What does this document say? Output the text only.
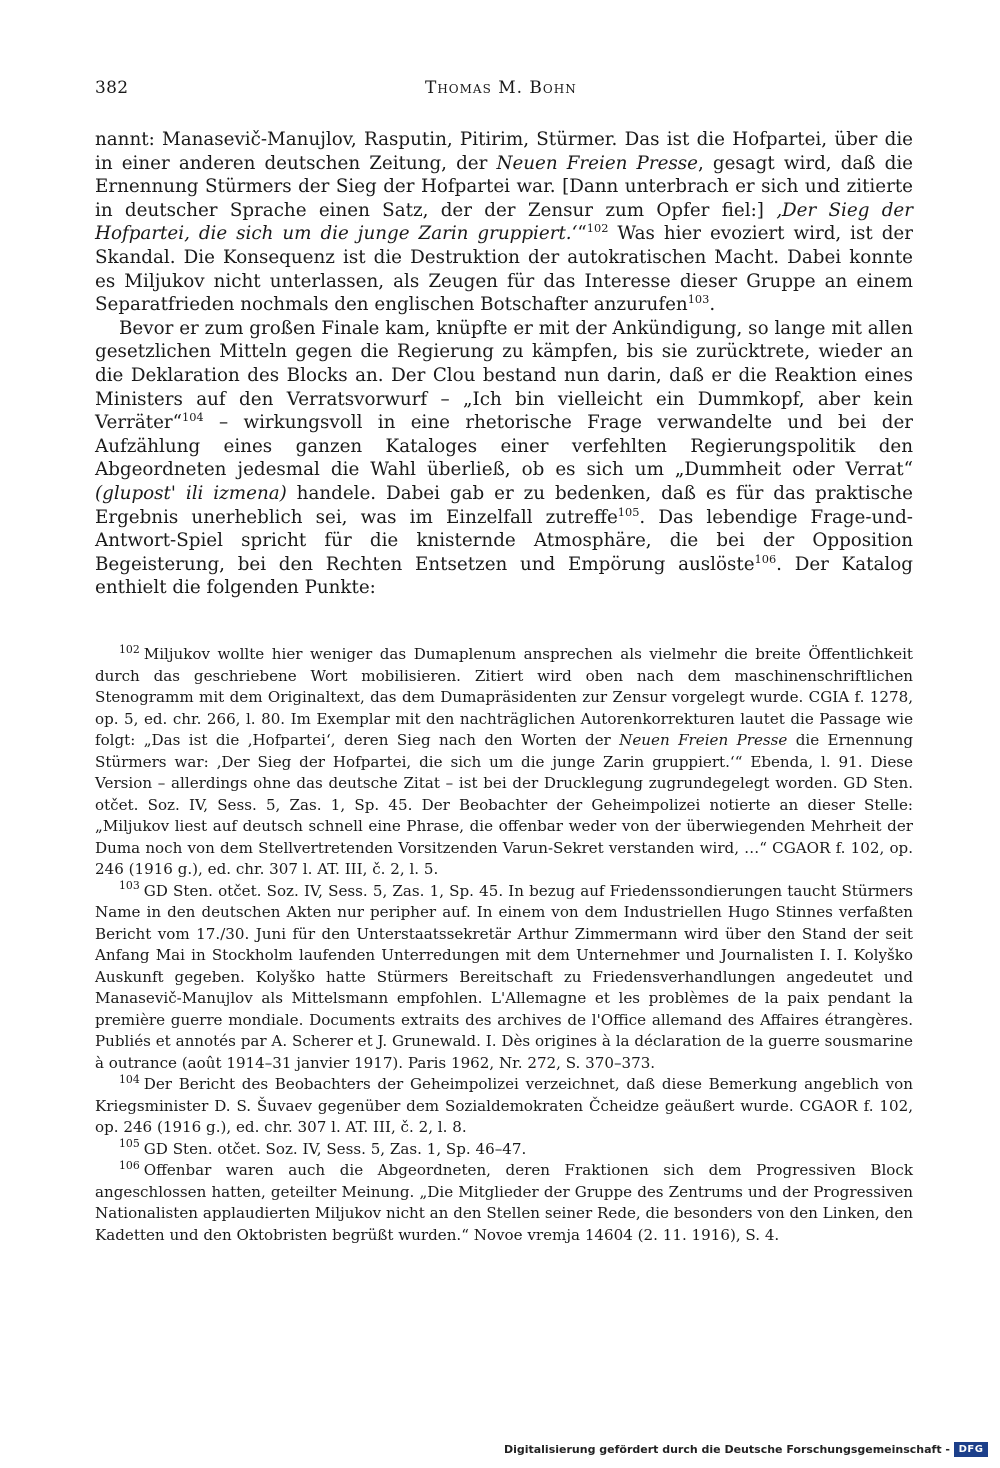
382	Thomas M. Bohn

nannt: Manasevič-Manujlov, Rasputin, Pitirim, Stürmer. Das ist die Hofpartei, über die in einer anderen deutschen Zeitung, der Neuen Freien Presse, gesagt wird, daß die Ernennung Stürmers der Sieg der Hofpartei war. [Dann unterbrach er sich und zitierte in deutscher Sprache einen Satz, der der Zensur zum Opfer fiel:] ‚Der Sieg der Hofpartei, die sich um die junge Zarin gruppiert.‘“$^{102}$ Was hier evoziert wird, ist der Skandal. Die Konsequenz ist die Destruktion der autokratischen Macht. Dabei konnte es Miljukov nicht unterlassen, als Zeugen für das Interesse dieser Gruppe an einem Separatfrieden nochmals den englischen Botschafter anzurufen$^{103}$.

Bevor er zum großen Finale kam, knüpfte er mit der Ankündigung, so lange mit allen gesetzlichen Mitteln gegen die Regierung zu kämpfen, bis sie zurücktrete, wieder an die Deklaration des Blocks an. Der Clou bestand nun darin, daß er die Reaktion eines Ministers auf den Verratsvorwurf – „Ich bin vielleicht ein Dummkopf, aber kein Verräter“$^{104}$ – wirkungsvoll in eine rhetorische Frage verwandelte und bei der Aufzählung eines ganzen Kataloges einer verfehlten Regierungspolitik den Abgeordneten jedesmal die Wahl überließ, ob es sich um „Dummheit oder Verrat“ (glupost' ili izmena) handele. Dabei gab er zu bedenken, daß es für das praktische Ergebnis unerheblich sei, was im Einzelfall zutreffe$^{105}$. Das lebendige Frage-und-Antwort-Spiel spricht für die knisternde Atmosphäre, die bei der Opposition Begeisterung, bei den Rechten Entsetzen und Empörung auslöste$^{106}$. Der Katalog enthielt die folgenden Punkte:

$^{102}$ Miljukov wollte hier weniger das Dumaplenum ansprechen als vielmehr die breite Öffentlichkeit durch das geschriebene Wort mobilisieren. Zitiert wird oben nach dem maschinenschriftlichen Stenogramm mit dem Originaltext, das dem Dumapräsidenten zur Zensur vorgelegt wurde. CGIA f. 1278, op. 5, ed. chr. 266, l. 80. Im Exemplar mit den nachträglichen Autorenkorrekturen lautet die Passage wie folgt: „Das ist die ‚Hofpartei‘, deren Sieg nach den Worten der Neuen Freien Presse die Ernennung Stürmers war: ‚Der Sieg der Hofpartei, die sich um die junge Zarin gruppiert.‘“ Ebenda, l. 91. Diese Version – allerdings ohne das deutsche Zitat – ist bei der Drucklegung zugrundegelegt worden. GD Sten. otčet. Soz. IV, Sess. 5, Zas. 1, Sp. 45. Der Beobachter der Geheimpolizei notierte an dieser Stelle: „Miljukov liest auf deutsch schnell eine Phrase, die offenbar weder von der überwiegenden Mehrheit der Duma noch von dem Stellvertretenden Vorsitzenden Varun-Sekret verstanden wird, …“ CGAOR f. 102, op. 246 (1916 g.), ed. chr. 307 l. AT. III, č. 2, l. 5.

$^{103}$ GD Sten. otčet. Soz. IV, Sess. 5, Zas. 1, Sp. 45. In bezug auf Friedenssondierungen taucht Stürmers Name in den deutschen Akten nur peripher auf. In einem von dem Industriellen Hugo Stinnes verfaßten Bericht vom 17./30. Juni für den Unterstaatssekretär Arthur Zimmermann wird über den Stand der seit Anfang Mai in Stockholm laufenden Unterredungen mit dem Unternehmer und Journalisten I. I. Kolyško Auskunft gegeben. Kolyško hatte Stürmers Bereitschaft zu Friedensverhandlungen angedeutet und Manasevič-Manujlov als Mittelsmann empfohlen. L'Allemagne et les problèmes de la paix pendant la première guerre mondiale. Documents extraits des archives de l'Office allemand des Affaires étrangères. Publiés et annotés par A. Scherer et J. Grunewald. I. Dès origines à la déclaration de la guerre sousmarine à outrance (août 1914–31 janvier 1917). Paris 1962, Nr. 272, S. 370–373.

$^{104}$ Der Bericht des Beobachters der Geheimpolizei verzeichnet, daß diese Bemerkung angeblich von Kriegsminister D. S. Šuvaev gegenüber dem Sozialdemokraten Čcheidze geäußert wurde. CGAOR f. 102, op. 246 (1916 g.), ed. chr. 307 l. AT. III, č. 2, l. 8.

$^{105}$ GD Sten. otčet. Soz. IV, Sess. 5, Zas. 1, Sp. 46–47.

$^{106}$ Offenbar waren auch die Abgeordneten, deren Fraktionen sich dem Progressiven Block angeschlossen hatten, geteilter Meinung. „Die Mitglieder der Gruppe des Zentrums und der Progressiven Nationalisten applaudierten Miljukov nicht an den Stellen seiner Rede, die besonders von den Linken, den Kadetten und den Oktobristen begrüßt wurden.“ Novoe vremja 14604 (2. 11. 1916), S. 4.

Digitalisierung gefördert durch die Deutsche Forschungsgemeinschaft - DFG
